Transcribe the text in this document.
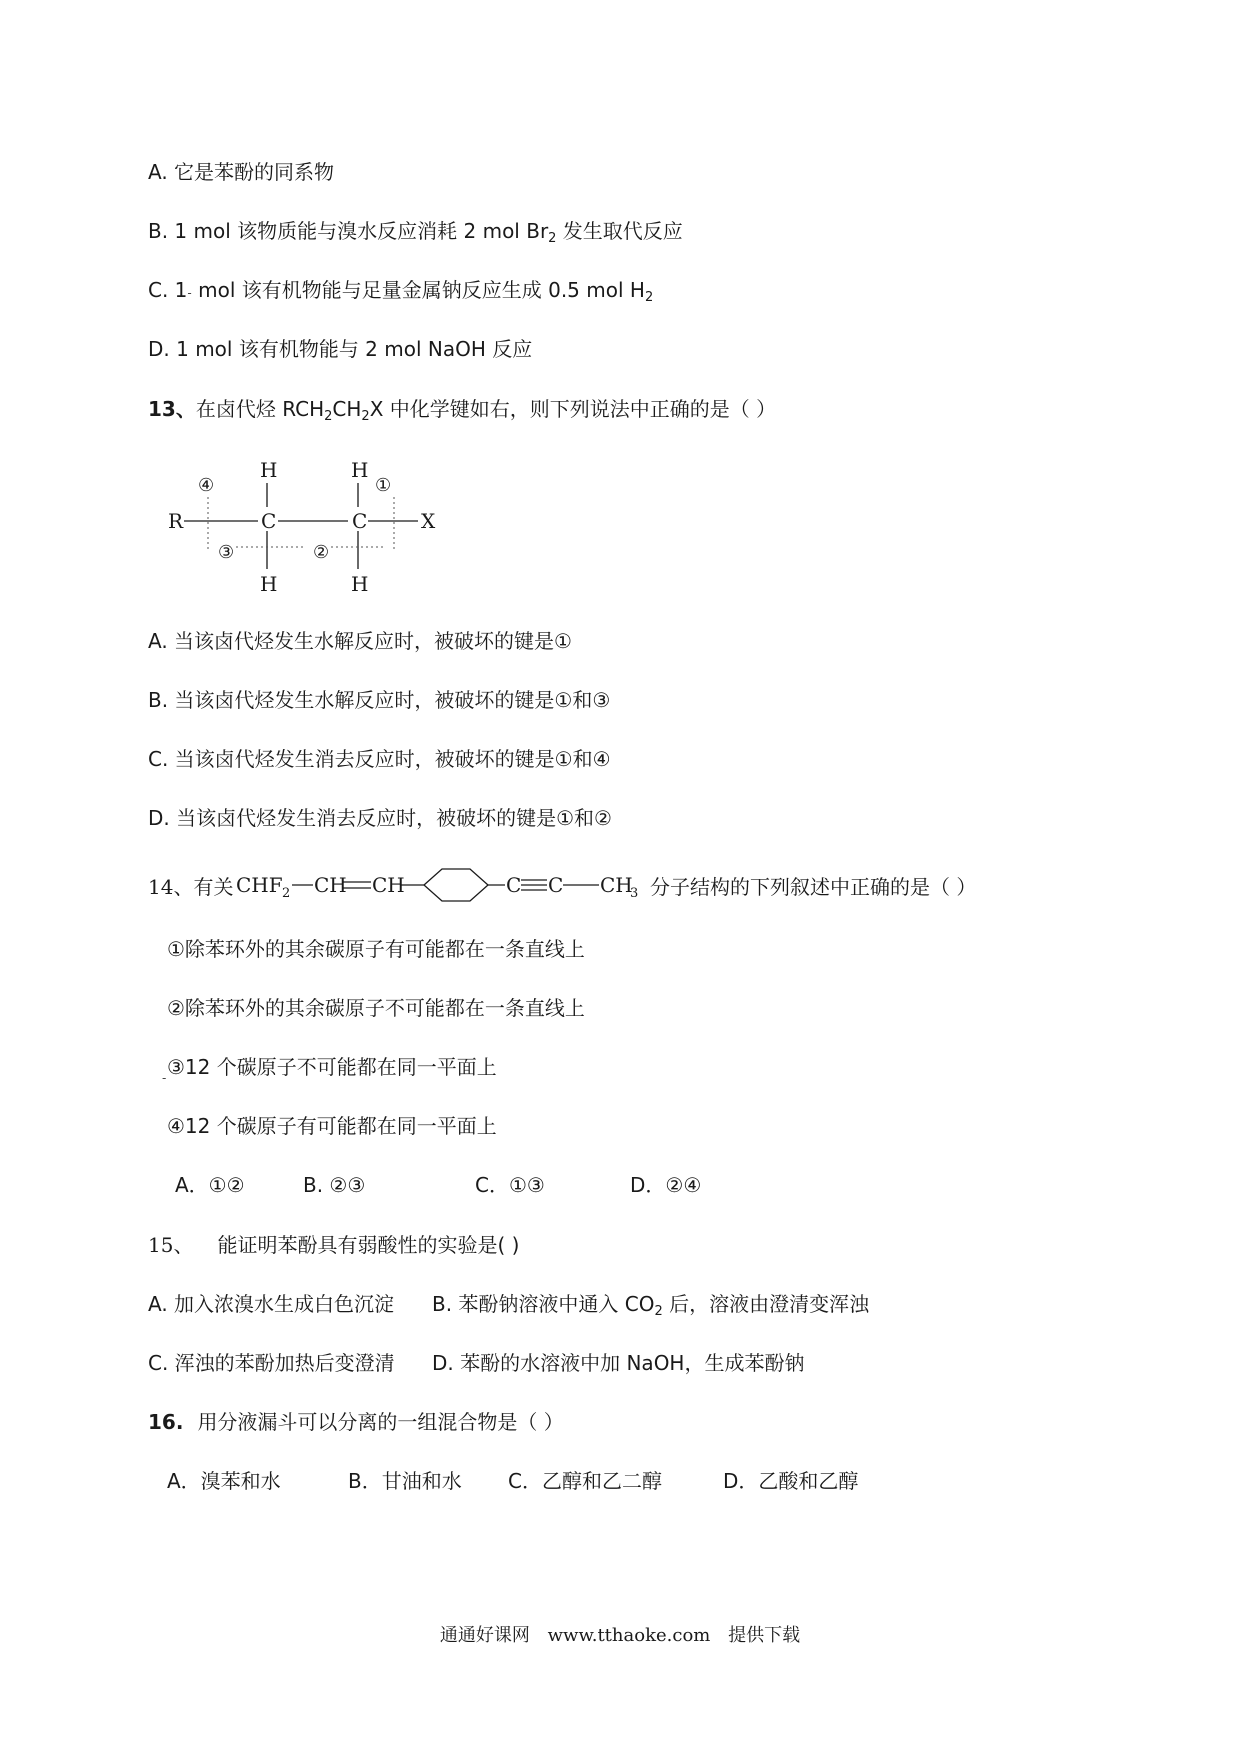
A. 它是苯酚的同系物
B. 1 mol 该物质能与溴水反应消耗 2 mol $Br_2$ 发生取代反应
C. 1- mol 该有机物能与足量金属钠反应生成 0.5 mol $H_2$
D. 1 mol 该有机物能与 2 mol NaOH 反应
13、在卤代烃 $RCH_2CH_2X$ 中化学键如右，则下列说法中正确的是（ ）
R	C	C	X
H	H
H	H
①
②
③
④
A. 当该卤代烃发生水解反应时，被破坏的键是①
B. 当该卤代烃发生水解反应时，被破坏的键是①和③
C. 当该卤代烃发生消去反应时，被破坏的键是①和④
D. 当该卤代烃发生消去反应时，被破坏的键是①和②
14、有关 CHF 2 CH CH	C C CH
3 分子结构的下列叙述中正确的是（ ）
①除苯环外的其余碳原子有可能都在一条直线上
②除苯环外的其余碳原子不可能都在一条直线上
- ③12 个碳原子不可能都在同一平面上
④12 个碳原子有可能都在同一平面上
A．①②	B. ②③	C．①③	D．②④
15、 能证明苯酚具有弱酸性的实验是( )
A. 加入浓溴水生成白色沉淀 B. 苯酚钠溶液中通入 $CO_2$ 后，溶液由澄清变浑浊
C. 浑浊的苯酚加热后变澄清 D. 苯酚的水溶液中加 NaOH，生成苯酚钠
16. 用分液漏斗可以分离的一组混合物是（ ）
A．溴苯和水	B．甘油和水 C．乙醇和乙二醇	D．乙酸和乙醇
通通好课网 www.tthaoke.com 提供下载
